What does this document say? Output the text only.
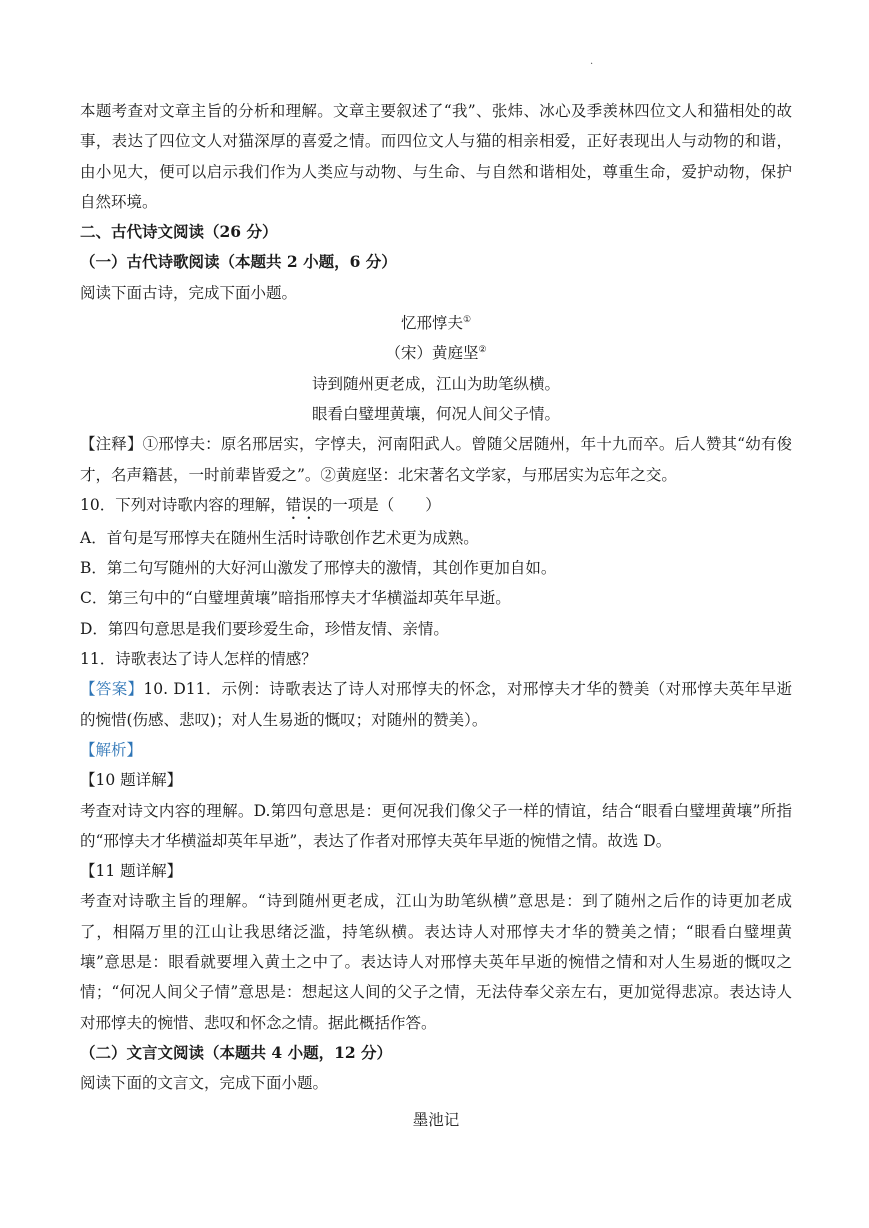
.

本题考查对文章主旨的分析和理解。文章主要叙述了“我”、张炜、冰心及季羡林四位文人和猫相处的故事，表达了四位文人对猫深厚的喜爱之情。而四位文人与猫的相亲相爱，正好表现出人与动物的和谐，由小见大，便可以启示我们作为人类应与动物、与生命、与自然和谐相处，尊重生命，爱护动物，保护自然环境。

二、古代诗文阅读（26 分）

（一）古代诗歌阅读（本题共 2 小题，6 分）

阅读下面古诗，完成下面小题。

忆邢惇夫①

（宋）黄庭坚②

诗到随州更老成，江山为助笔纵横。

眼看白璧埋黄壤，何况人间父子情。

【注释】①邢惇夫：原名邢居实，字惇夫，河南阳武人。曾随父居随州，年十九而卒。后人赞其“幼有俊才，名声籍甚，一时前辈皆爱之”。②黄庭坚：北宋著名文学家，与邢居实为忘年之交。

10．下列对诗歌内容的理解，错误的一项是（　　）

A．首句是写邢惇夫在随州生活时诗歌创作艺术更为成熟。

B．第二句写随州的大好河山激发了邢惇夫的激情，其创作更加自如。

C．第三句中的“白璧埋黄壤”暗指邢惇夫才华横溢却英年早逝。

D．第四句意思是我们要珍爱生命，珍惜友情、亲情。

11．诗歌表达了诗人怎样的情感？

【答案】10. D11．示例：诗歌表达了诗人对邢惇夫的怀念，对邢惇夫才华的赞美（对邢惇夫英年早逝的惋惜(伤感、悲叹)；对人生易逝的慨叹；对随州的赞美）。

【解析】

【10 题详解】

考查对诗文内容的理解。D.第四句意思是：更何况我们像父子一样的情谊，结合“眼看白璧埋黄壤”所指的“邢惇夫才华横溢却英年早逝”，表达了作者对邢惇夫英年早逝的惋惜之情。故选 D。

【11 题详解】

考查对诗歌主旨的理解。“诗到随州更老成，江山为助笔纵横”意思是：到了随州之后作的诗更加老成了，相隔万里的江山让我思绪泛滥，持笔纵横。表达诗人对邢惇夫才华的赞美之情；“眼看白璧埋黄壤”意思是：眼看就要埋入黄土之中了。表达诗人对邢惇夫英年早逝的惋惜之情和对人生易逝的慨叹之情；“何况人间父子情”意思是：想起这人间的父子之情，无法侍奉父亲左右，更加觉得悲凉。表达诗人对邢惇夫的惋惜、悲叹和怀念之情。据此概括作答。

（二）文言文阅读（本题共 4 小题，12 分）

阅读下面的文言文，完成下面小题。

墨池记
